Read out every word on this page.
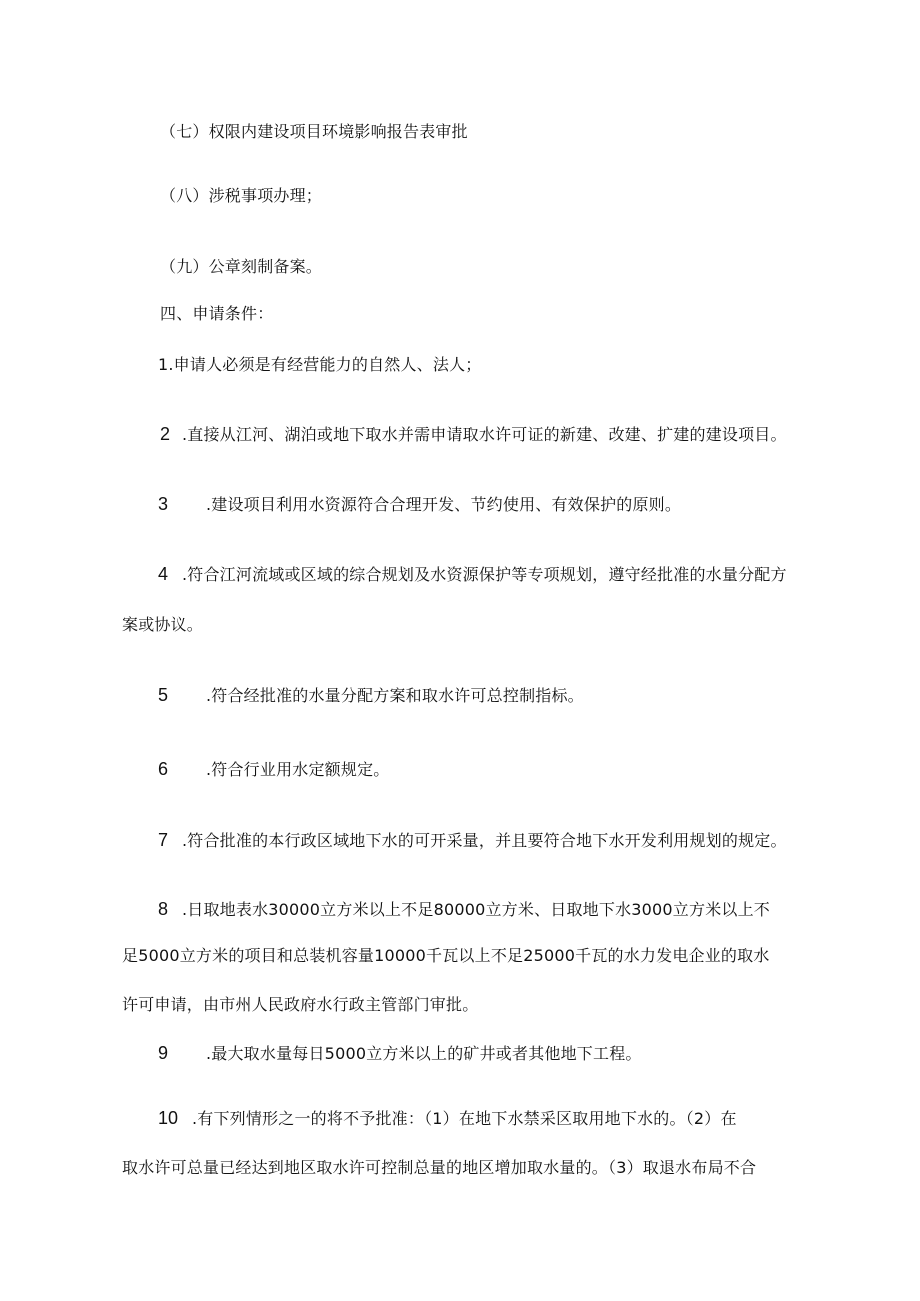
（七）权限内建设项目环境影响报告表审批
（八）涉税事项办理；
（九）公章刻制备案。
四、申请条件：
1.申请人必须是有经营能力的自然人、法人；
2 .直接从江河、湖泊或地下取水并需申请取水许可证的新建、改建、扩建的建设项目。
3 .建设项目利用水资源符合合理开发、节约使用、有效保护的原则。
4 .符合江河流域或区域的综合规划及水资源保护等专项规划，遵守经批准的水量分配方
案或协议。
5 .符合经批准的水量分配方案和取水许可总控制指标。
6 .符合行业用水定额规定。
7 .符合批准的本行政区域地下水的可开采量，并且要符合地下水开发利用规划的规定。
8 .日取地表水30000立方米以上不足80000立方米、日取地下水3000立方米以上不
足5000立方米的项目和总装机容量10000千瓦以上不足25000千瓦的水力发电企业的取水
许可申请，由市州人民政府水行政主管部门审批。
9 .最大取水量每日5000立方米以上的矿井或者其他地下工程。
10 .有下列情形之一的将不予批准：（1）在地下水禁采区取用地下水的。（2）在
取水许可总量已经达到地区取水许可控制总量的地区增加取水量的。（3）取退水布局不合
